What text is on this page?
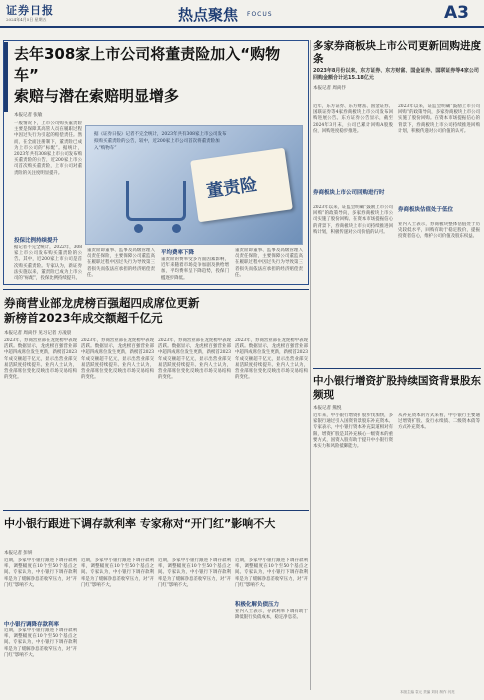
证券日报
2024年4月5日 星期五	热点聚焦 FOCUS	A3
去年308家上市公司将董责险加入“购物车”
索赔与潜在索赔明显增多
本报记者 张敏
据《证券日报》记者不完全统计，2023年共有308家上市公司发布拟购买董责险的公告，较中，近200家上市公司首次将董责险加入“购物车”
董责险
一般情况下，上市公司购买董责险主要是保障其高管人员在履职过程中因过失行为引起的赔偿责任。然而，在全面注册制下，董责险已成为上市公司的“标配”。据统计，2023年共有308家上市公司发布购买董责险的公告，近200家上市公司首次购买董责险，上市公司对董责险的关注度明显提升。
投保比例持续提升
据记者不完全统计，2022年，308家上市公司发布购买董责险的公告。其中，近200家上市公司是首次购买董责险。专家认为，新证券法实施以来，董责险已成为上市公司的“标配”，投保比例持续提升。
董责险即董事、监事及高级管理人员责任保险，主要保障公司董监高在履职过程中因过失行为导致第三者损失而依法应承担的经济赔偿责任。
平均费率下降
董责险的费率受多方面因素影响，近年来随着市场竞争加剧及供给增加，平均费率呈下降趋势，投保门槛逐步降低。
董责险即董事、监事及高级管理人员责任保险，主要保障公司董监高在履职过程中因过失行为导致第三者损失而依法应承担的经济赔偿责任。
多家券商板块上市公司更新回购进度条
2023年8月份以来，东方证券、东方财富、国金证券、国联证券等4家公司回购金额合计达15.18亿元
本报记者 周尚伃
近年，东方证券、东方财富、国金证券、国联证券等4家券商板块上市公司发布回购进展公告。东方证券公告显示，截至2024年3月末，公司已累计回购A股股份，回购进度稳步推进。
券商板块上市公司回购进行时
2023年以来，证监会明确“鼓励上市公司回购”的政策导向，多家券商板块上市公司实施了股份回购。在资本市场提振信心的背景下，券商板块上市公司持续推进回购计划，积极传递对公司价值的认可。
2023年以来，证监会明确“鼓励上市公司回购”的政策导向，多家券商板块上市公司实施了股份回购。在资本市场提振信心的背景下，券商板块上市公司持续推进回购计划，积极传递对公司价值的认可。
券商板块估值处于低位
业内人士表示，券商板块整体估值处于历史较低水平，回购有助于稳定股价，提振投资者信心，维护公司价值及股东权益。
券商营业部龙虎榜百强超四成席位更新
新榜首2023年成交额超千亿元
本报记者 周尚伃 见习记者 方凌晨
2023年，券商营业部在龙虎榜中表现活跃。数据显示，龙虎榜百强营业部中超四成席位发生更新，新榜首2023年成交额超千亿元，显示出营业部交易活跃度持续提升。业内人士认为，营业部席位变化反映出市场交易结构的变化。
2023年，券商营业部在龙虎榜中表现活跃。数据显示，龙虎榜百强营业部中超四成席位发生更新，新榜首2023年成交额超千亿元，显示出营业部交易活跃度持续提升。业内人士认为，营业部席位变化反映出市场交易结构的变化。
2023年，券商营业部在龙虎榜中表现活跃。数据显示，龙虎榜百强营业部中超四成席位发生更新，新榜首2023年成交额超千亿元，显示出营业部交易活跃度持续提升。业内人士认为，营业部席位变化反映出市场交易结构的变化。
2023年，券商营业部在龙虎榜中表现活跃。数据显示，龙虎榜百强营业部中超四成席位发生更新，新榜首2023年成交额超千亿元，显示出营业部交易活跃度持续提升。业内人士认为，营业部席位变化反映出市场交易结构的变化。	中小银行增资扩股持续国资背景股东频现
本报记者 熊悦
近年来，中小银行增资扩股步伐加快，多家银行通过引入国资背景股东补充资本。专家表示，中小银行资本补充渠道相对有限，增资扩股是其补充核心一级资本的重要方式，国资入股有助于提升中小银行资本实力和风险抵御能力。
从补充资本的方式来看，中小银行主要通过增资扩股、发行永续债、二级资本债等方式补充资本。
中小银行跟进下调存款利率 专家称对“开门红”影响不大
本报记者 彭妍
近期，多家中小银行跟进下调存款利率，调整幅度在10个至50个基点之间。专家认为，中小银行下调存款利率是为了缓解净息差收窄压力，对“开门红”影响不大。
中小银行调降存款利率
近期，多家中小银行跟进下调存款利率，调整幅度在10个至50个基点之间。专家认为，中小银行下调存款利率是为了缓解净息差收窄压力，对“开门红”影响不大。
近期，多家中小银行跟进下调存款利率，调整幅度在10个至50个基点之间。专家认为，中小银行下调存款利率是为了缓解净息差收窄压力，对“开门红”影响不大。
近期，多家中小银行跟进下调存款利率，调整幅度在10个至50个基点之间。专家认为，中小银行下调存款利率是为了缓解净息差收窄压力，对“开门红”影响不大。
积极化解负债压力
近期，多家中小银行跟进下调存款利率，调整幅度在10个至50个基点之间。专家认为，中小银行下调存款利率是为了缓解净息差收窄压力，对“开门红”影响不大。
业内人士表示，存款利率下调有助于降低银行负债成本，稳定净息差。
本版主编 袁元 责编 刘钊 制作 闫亮
